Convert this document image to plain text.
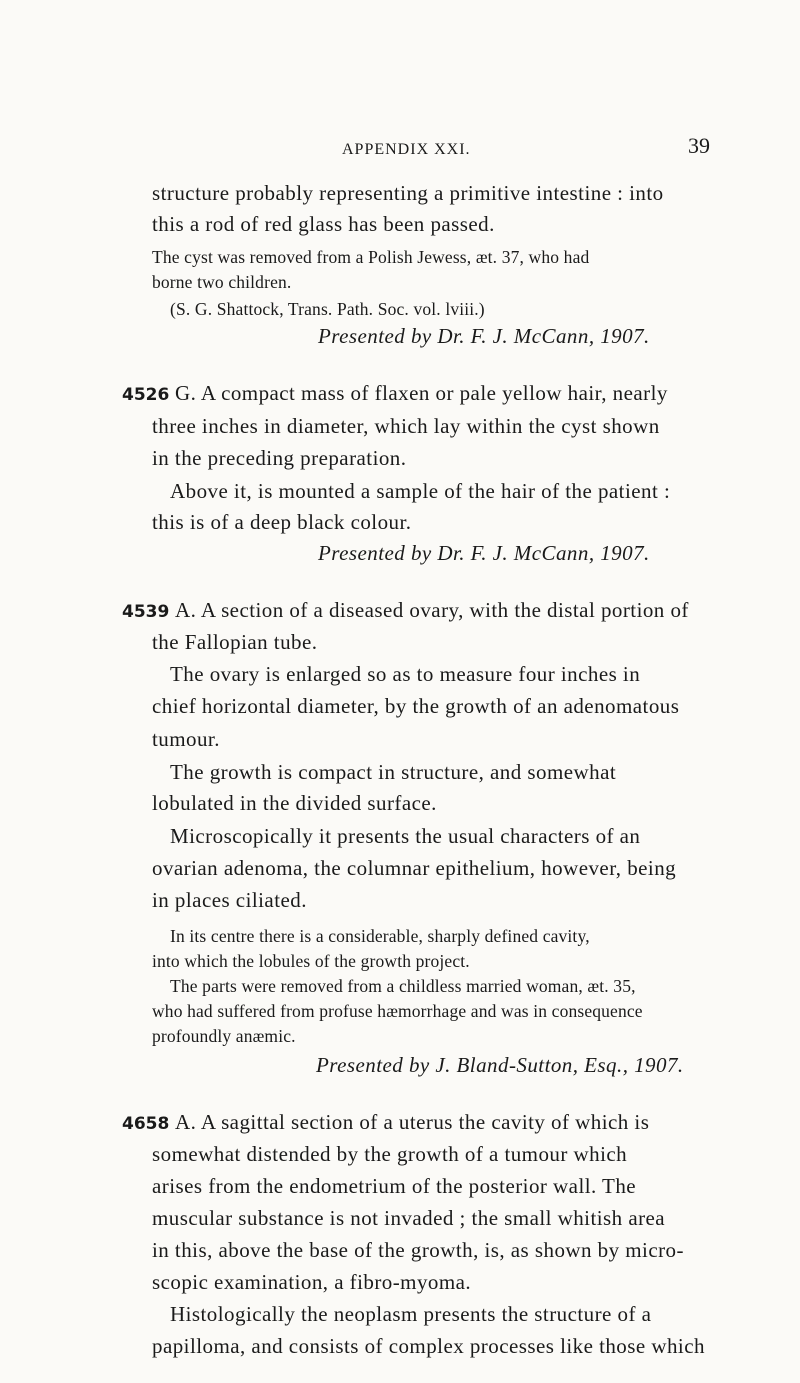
APPENDIX XXI.	39
structure probably representing a primitive intestine : into
this a rod of red glass has been passed.
The cyst was removed from a Polish Jewess, æt. 37, who had
borne two children.
(S. G. Shattock, Trans. Path. Soc. vol. lviii.)
Presented by Dr. F. J. McCann, 1907.
4526 G. A compact mass of flaxen or pale yellow hair, nearly
three inches in diameter, which lay within the cyst shown
in the preceding preparation.
Above it, is mounted a sample of the hair of the patient :
this is of a deep black colour.
Presented by Dr. F. J. McCann, 1907.
4539 A. A section of a diseased ovary, with the distal portion of
the Fallopian tube.
The ovary is enlarged so as to measure four inches in
chief horizontal diameter, by the growth of an adenomatous
tumour.
The growth is compact in structure, and somewhat
lobulated in the divided surface.
Microscopically it presents the usual characters of an
ovarian adenoma, the columnar epithelium, however, being
in places ciliated.
In its centre there is a considerable, sharply defined cavity,
into which the lobules of the growth project.
The parts were removed from a childless married woman, æt. 35,
who had suffered from profuse hæmorrhage and was in consequence
profoundly anæmic.
Presented by J. Bland-Sutton, Esq., 1907.
4658 A. A sagittal section of a uterus the cavity of which is
somewhat distended by the growth of a tumour which
arises from the endometrium of the posterior wall. The
muscular substance is not invaded ; the small whitish area
in this, above the base of the growth, is, as shown by micro-
scopic examination, a fibro-myoma.
Histologically the neoplasm presents the structure of a
papilloma, and consists of complex processes like those which
